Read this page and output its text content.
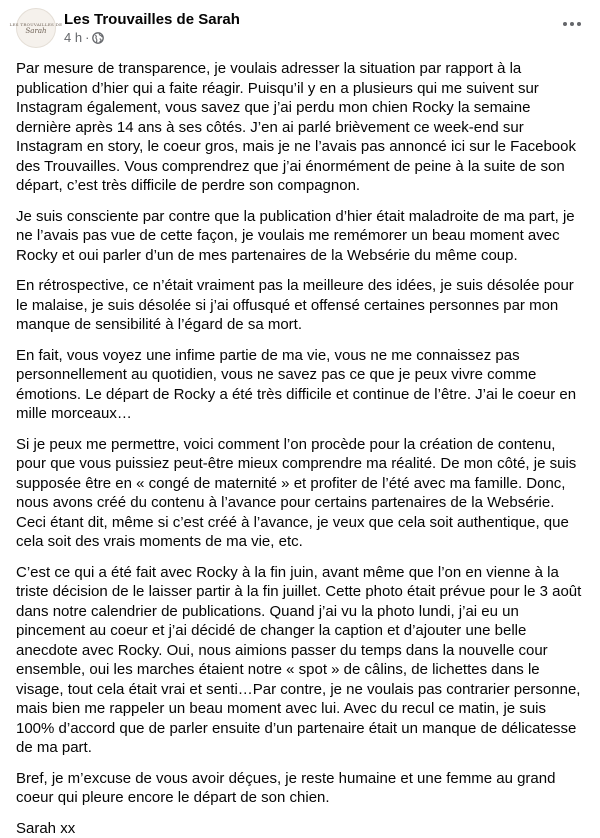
LES TROUVAILLES DE
Sarah
Les Trouvailles de Sarah
4 h ·

Par mesure de transparence, je voulais adresser la situation par rapport à la publication d’hier qui a faite réagir. Puisqu’il y en a plusieurs qui me suivent sur Instagram également, vous savez que j’ai perdu mon chien Rocky la semaine dernière après 14 ans à ses côtés. J’en ai parlé brièvement ce week-end sur Instagram en story, le coeur gros, mais je ne l’avais pas annoncé ici sur le Facebook des Trouvailles. Vous comprendrez que j’ai énormément de peine à la suite de son départ, c’est très difficile de perdre son compagnon.

Je suis consciente par contre que la publication d’hier était maladroite de ma part, je ne l’avais pas vue de cette façon, je voulais me remémorer un beau moment avec Rocky et oui parler d’un de mes partenaires de la Websérie du même coup.

En rétrospective, ce n’était vraiment pas la meilleure des idées, je suis désolée pour le malaise, je suis désolée si j’ai offusqué et offensé certaines personnes par mon manque de sensibilité à l’égard de sa mort.

En fait, vous voyez une infime partie de ma vie, vous ne me connaissez pas personnellement au quotidien, vous ne savez pas ce que je peux vivre comme émotions. Le départ de Rocky a été très difficile et continue de l’être. J’ai le coeur en mille morceaux…

Si je peux me permettre, voici comment l’on procède pour la création de contenu, pour que vous puissiez peut-être mieux comprendre ma réalité. De mon côté, je suis supposée être en « congé de maternité » et profiter de l’été avec ma famille. Donc, nous avons créé du contenu à l’avance pour certains partenaires de la Websérie. Ceci étant dit, même si c’est créé à l’avance, je veux que cela soit authentique, que cela soit des vrais moments de ma vie, etc.

C’est ce qui a été fait avec Rocky à la fin juin, avant même que l’on en vienne à la triste décision de le laisser partir à la fin juillet. Cette photo était prévue pour le 3 août dans notre calendrier de publications. Quand j’ai vu la photo lundi, j’ai eu un pincement au coeur et j’ai décidé de changer la caption et d’ajouter une belle anecdote avec Rocky. Oui, nous aimions passer du temps dans la nouvelle cour ensemble, oui les marches étaient notre « spot » de câlins, de lichettes dans le visage, tout cela était vrai et senti…Par contre, je ne voulais pas contrarier personne, mais bien me rappeler un beau moment avec lui. Avec du recul ce matin, je suis 100% d’accord que de parler ensuite d’un partenaire était un manque de délicatesse de ma part.

Bref, je m’excuse de vous avoir déçues, je reste humaine et une femme au grand coeur qui pleure encore le départ de son chien.

Sarah xx
